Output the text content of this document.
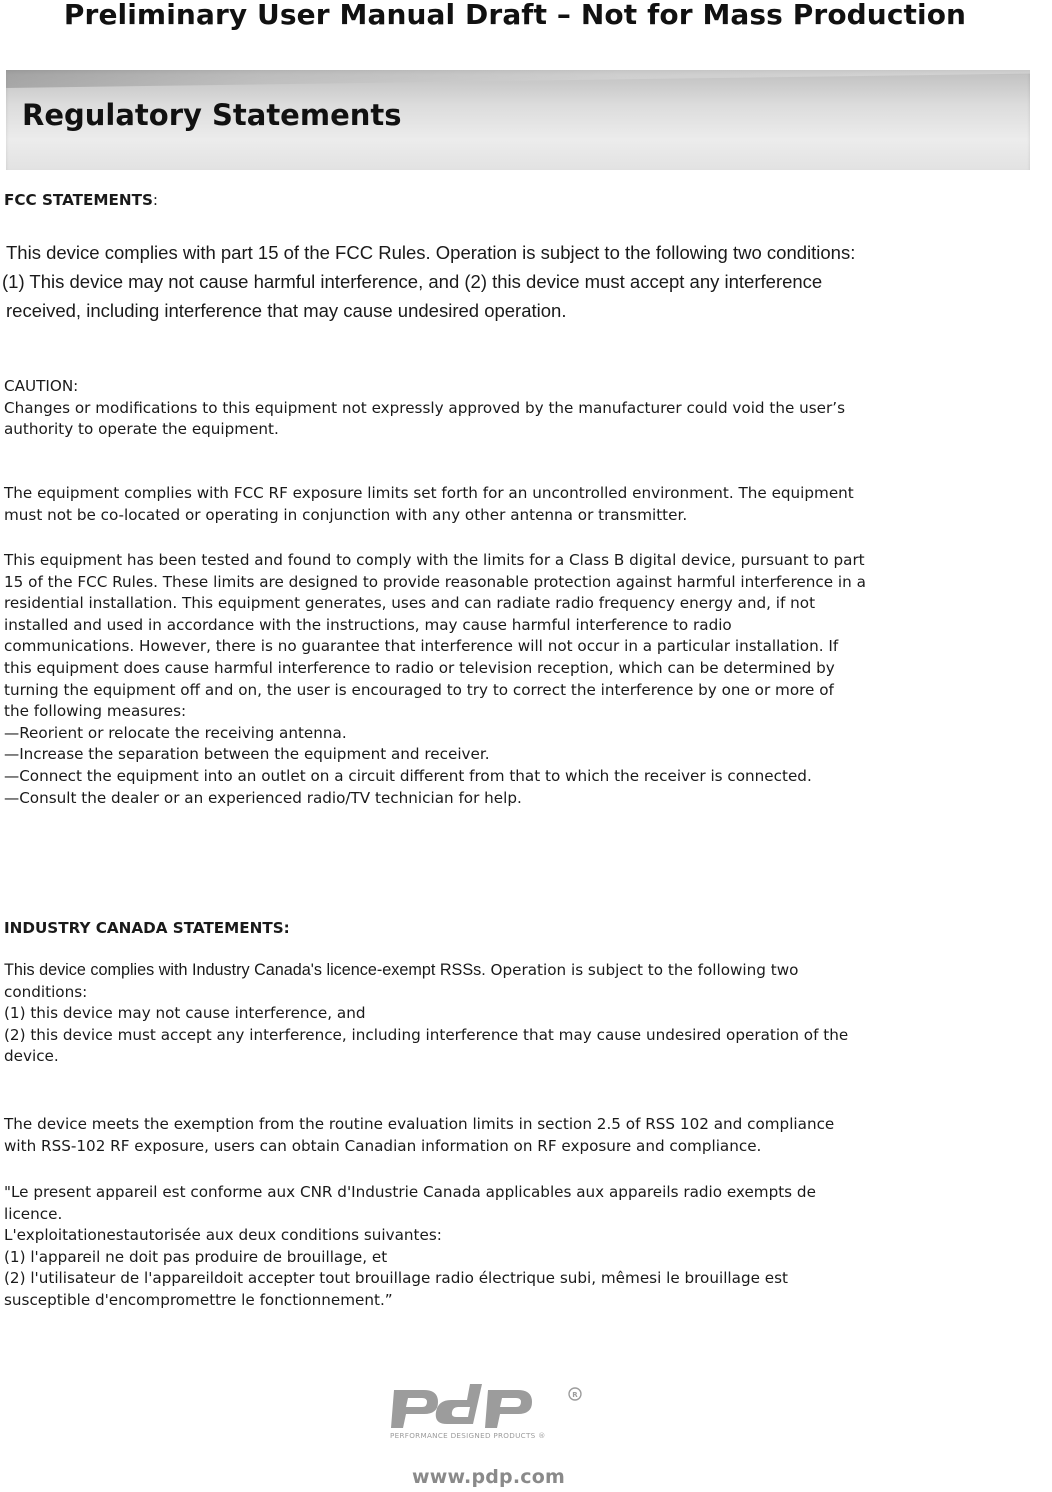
Preliminary User Manual Draft – Not for Mass Production
Regulatory Statements

FCC STATEMENTS:

This device complies with part 15 of the FCC Rules. Operation is subject to the following two conditions:

(1) This device may not cause harmful interference, and (2) this device must accept any interference

received, including interference that may cause undesired operation.

CAUTION:

Changes or modifications to this equipment not expressly approved by the manufacturer could void the user’s

authority to operate the equipment.

The equipment complies with FCC RF exposure limits set forth for an uncontrolled environment. The equipment

must not be co-located or operating in conjunction with any other antenna or transmitter.

This equipment has been tested and found to comply with the limits for a Class B digital device, pursuant to part

15 of the FCC Rules. These limits are designed to provide reasonable protection against harmful interference in a

residential installation. This equipment generates, uses and can radiate radio frequency energy and, if not

installed and used in accordance with the instructions, may cause harmful interference to radio

communications. However, there is no guarantee that interference will not occur in a particular installation. If

this equipment does cause harmful interference to radio or television reception, which can be determined by

turning the equipment off and on, the user is encouraged to try to correct the interference by one or more of

the following measures:

—Reorient or relocate the receiving antenna.

—Increase the separation between the equipment and receiver.

—Connect the equipment into an outlet on a circuit different from that to which the receiver is connected.

—Consult the dealer or an experienced radio/TV technician for help.

INDUSTRY CANADA STATEMENTS:

This device complies with Industry Canada's licence-exempt RSSs. Operation is subject to the following two

conditions:

(1) this device may not cause interference, and

(2) this device must accept any interference, including interference that may cause undesired operation of the

device.

The device meets the exemption from the routine evaluation limits in section 2.5 of RSS 102 and compliance

with RSS-102 RF exposure, users can obtain Canadian information on RF exposure and compliance.

"Le present appareil est conforme aux CNR d'Industrie Canada applicables aux appareils radio exempts de

licence.

L'exploitationestautorisée aux deux conditions suivantes:

(1) l'appareil ne doit pas produire de brouillage, et

(2) l'utilisateur de l'appareildoit accepter tout brouillage radio électrique subi, mêmesi le brouillage est

susceptible d'encompromettre le fonctionnement.”

R
PERFORMANCE DESIGNED PRODUCTS ®
www.pdp.com
